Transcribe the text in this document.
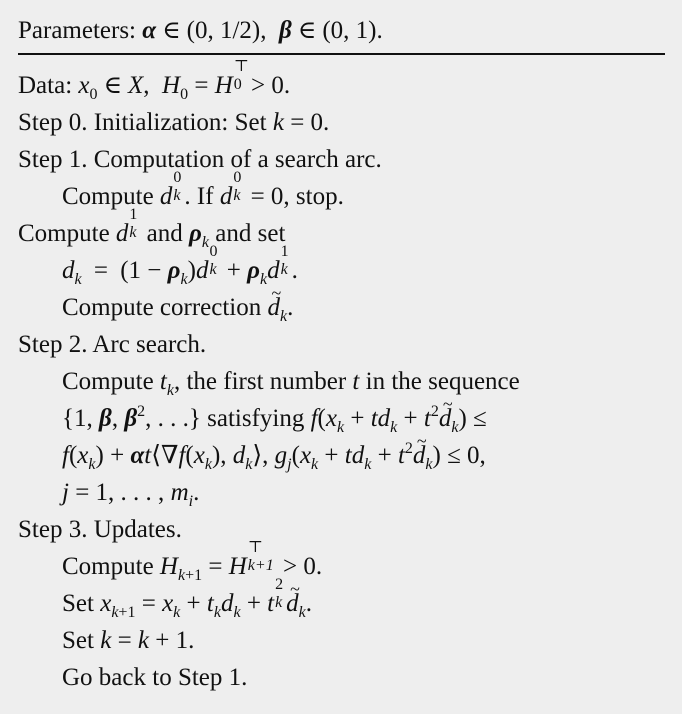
Parameters: α ∈ (0, 1/2), β ∈ (0, 1).
Data: $x_0$ ∈ X,  $H_0 = H$
⊤
0 > 0.
Step 0. Initialization: Set k = 0.
Step 1. Computation of a search arc.
Compute d
0
k . If d
0
k = 0, stop.
Compute d
1
k and $\rho_k$ and set
$d_k = (1 - \rho_k)d$
0
$k + \rho_kd$
1
k .
Compute correction ~ $d_k$.
Step 2. Arc search.
Compute $t_k$, the first number t in the sequence
{1, β, $\beta^2$, . . .} satisfying $f(x_k + td_k$ + $t^2\sim$ $d_k$) ≤
$f(x_k)$ + $\alpha t⟨\nabla f(x_k)$, $d_k⟩$, $g_j(x_k + td_k$ + $t^2\sim$ $d_k) \le 0$,
j = 1, . . . , $m_i$.
Step 3. Updates.
Compute $H_{k+1} = H$
⊤
k+1 > 0.
Set $x_{k+1} = x_k + t_kd_k + t$
2
k ~ $d_k$.
Set k = k + 1.
Go back to Step 1.
